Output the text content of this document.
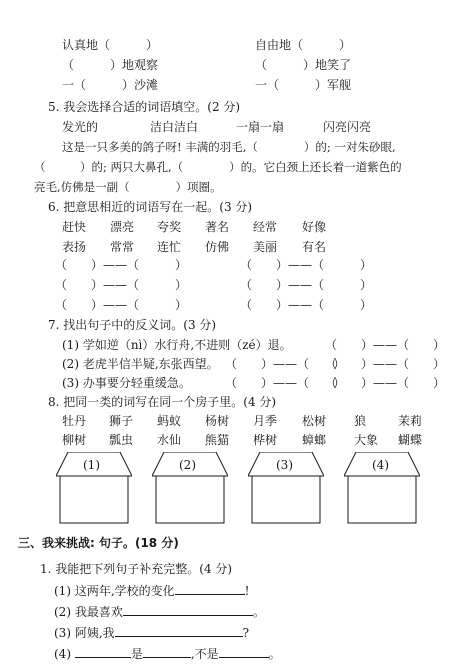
认真地（　　　）	自由地（　　　）
（　　　）地观察	（　　　）地笑了
一（　　　）沙滩	一（　　　）军舰
5. 我会选择合适的词语填空。(2 分)
发光的	洁白洁白	一扇一扇	闪亮闪亮
这是一只多美的鸽子呀! 丰满的羽毛,（　　　　）的; 一对朱砂眼,
（　　　）的; 两只大鼻孔,（　　　　）的。它白颈上还长着一道紫色的
亮毛,仿佛是一副（　　　　）项圈。
6. 把意思相近的词语写在一起。(3 分)
赶快 漂亮 夸奖 著名 经常 好像
表扬 常常 连忙 仿佛 美丽 有名
（　　）——（　　　）	（　　）——（　　　）
（　　）——（　　　）	（　　）——（　　　）
（　　）——（　　　）	（　　）——（　　　）
7. 找出句子中的反义词。(3 分)
(1) 学如逆（nì）水行舟,不进则（zé）退。	（　　）——（　　）
(2) 老虎半信半疑,东张西望。 （　　）——（　　）
（　　）——（　　）
(3) 办事要分轻重缓急。	（　　）——（　　）
（　　）——（　　）
8. 把同一类的词写在同一个房子里。(4 分)
牡丹 狮子 蚂蚁 杨树 月季 松树 狼	茉莉
柳树 瓢虫 水仙 熊猫 桦树 蟑螂 大象 蝴蝶
(1)	(2)	(3)	(4)
三、我来挑战: 句子。(18 分)
1. 我能把下列句子补充完整。(4 分)
(1) 这两年,学校的变化	!
(2) 我最喜欢	。
(3) 阿姨,我	?
(4)	是	,不是	。
